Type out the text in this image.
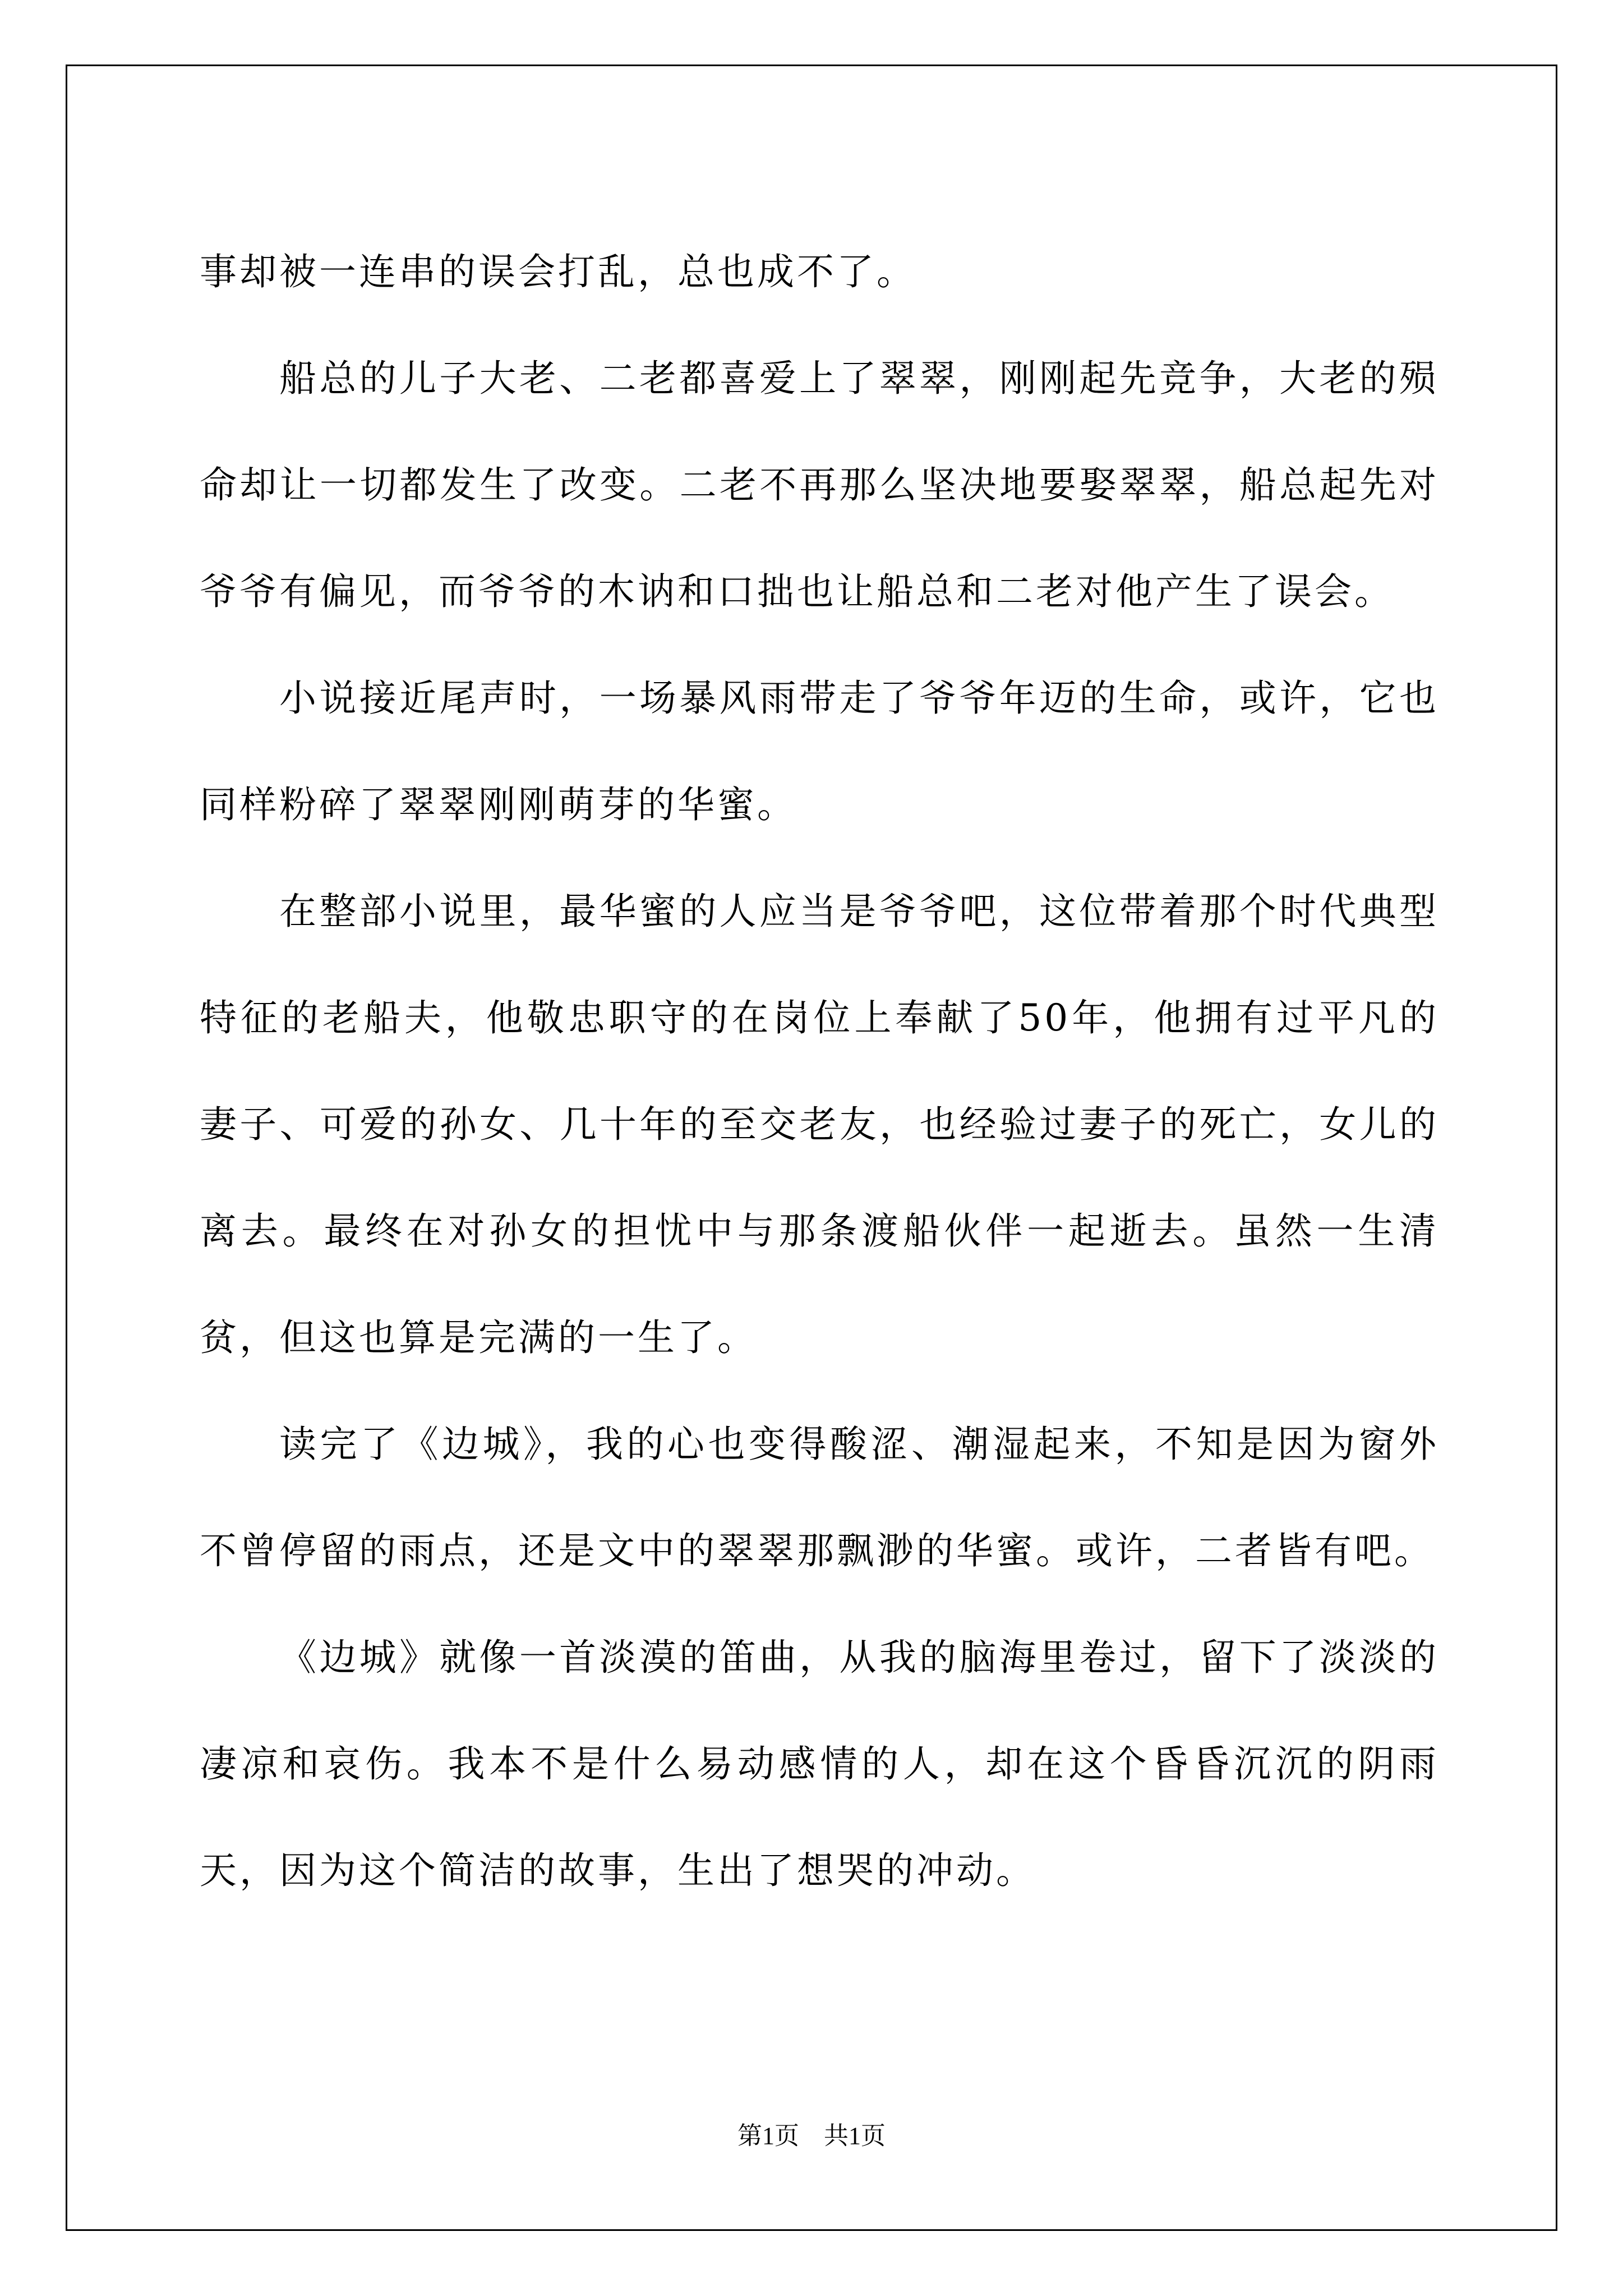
事却被一连串的误会打乱，总也成不了。

船总的儿子大老、二老都喜爱上了翠翠，刚刚起先竞争，大老的殒命却让一切都发生了改变。二老不再那么坚决地要娶翠翠，船总起先对爷爷有偏见，而爷爷的木讷和口拙也让船总和二老对他产生了误会。

小说接近尾声时，一场暴风雨带走了爷爷年迈的生命，或许，它也同样粉碎了翠翠刚刚萌芽的华蜜。

在整部小说里，最华蜜的人应当是爷爷吧，这位带着那个时代典型特征的老船夫，他敬忠职守的在岗位上奉献了50年，他拥有过平凡的妻子、可爱的孙女、几十年的至交老友，也经验过妻子的死亡，女儿的离去。最终在对孙女的担忧中与那条渡船伙伴一起逝去。虽然一生清贫，但这也算是完满的一生了。

读完了《边城》，我的心也变得酸涩、潮湿起来，不知是因为窗外不曾停留的雨点，还是文中的翠翠那飘渺的华蜜。或许，二者皆有吧。

《边城》就像一首淡漠的笛曲，从我的脑海里卷过，留下了淡淡的凄凉和哀伤。我本不是什么易动感情的人，却在这个昏昏沉沉的阴雨天，因为这个简洁的故事，生出了想哭的冲动。

第1页　共1页
